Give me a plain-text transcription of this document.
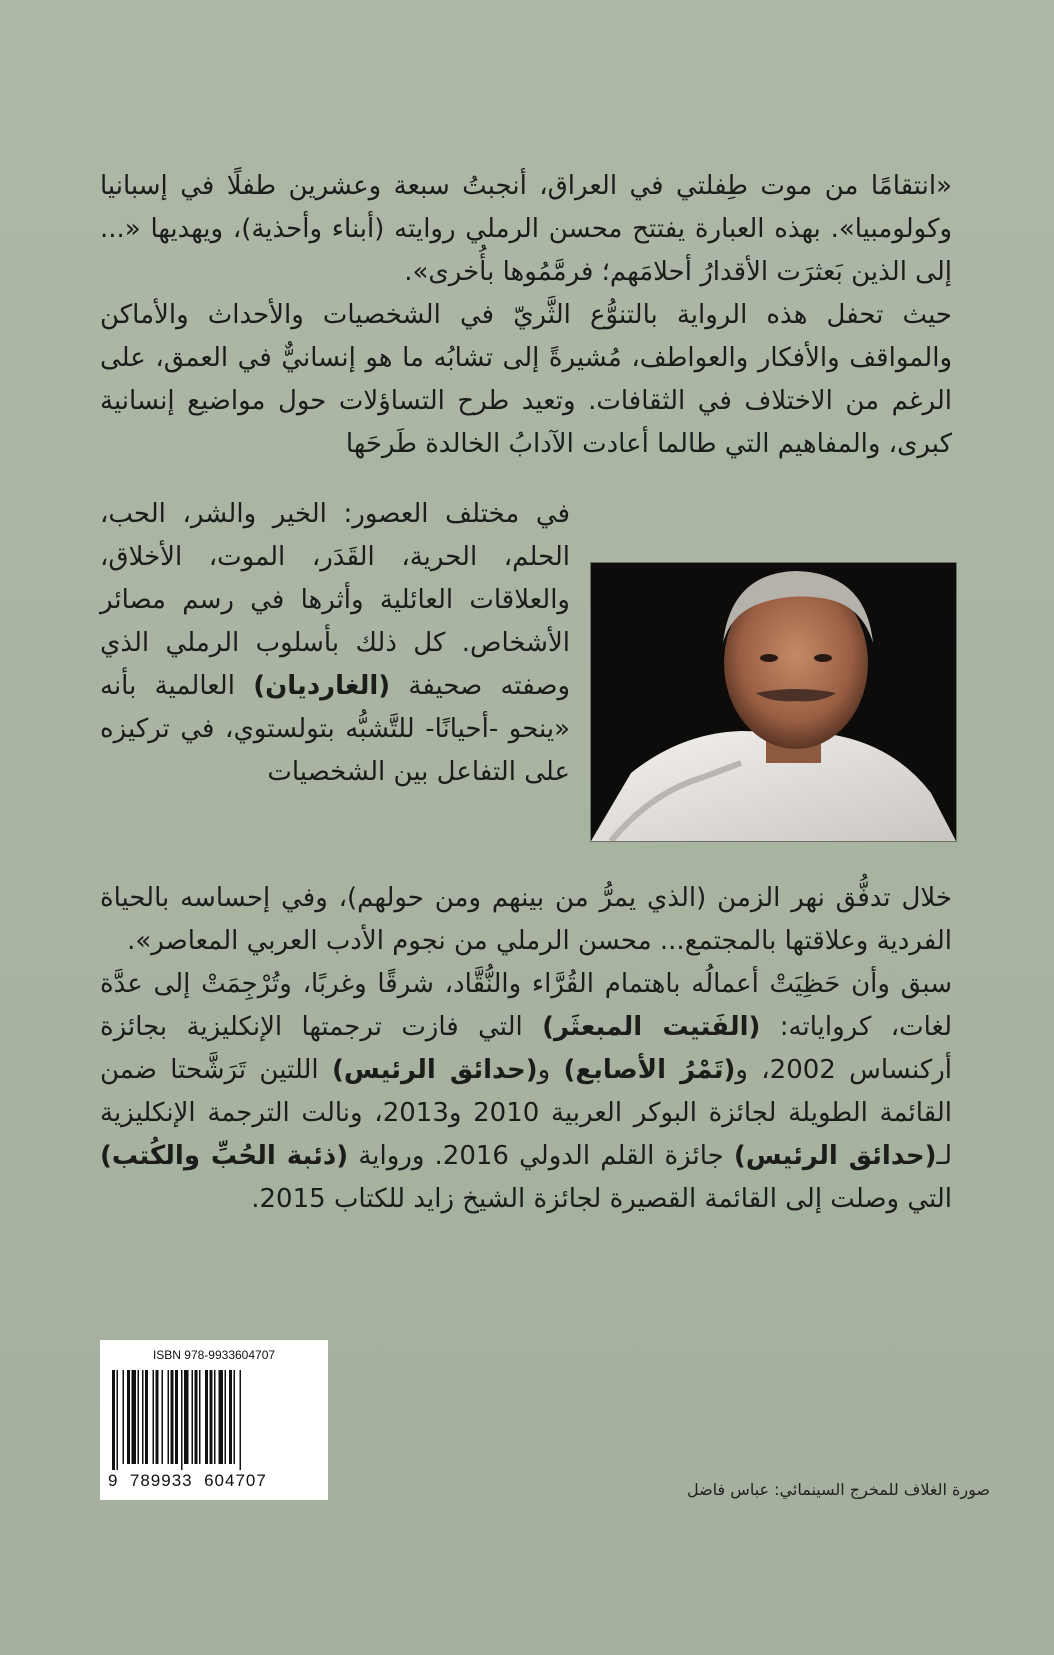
«انتقامًا من موت طِفلتي في العراق، أنجبتُ سبعة وعشرين طفلًا في إسبانيا وكولومبيا». بهذه العبارة يفتتح محسن الرملي روايته (أبناء وأحذية)، ويهديها «... إلى الذين بَعثرَت الأقدارُ أحلامَهم؛ فرمَّمُوها بأُخرى».

حيث تحفل هذه الرواية بالتنوُّع الثَّريّ في الشخصيات والأحداث والأماكن والمواقف والأفكار والعواطف، مُشيرةً إلى تشابُه ما هو إنسانيٌّ في العمق، على الرغم من الاختلاف في الثقافات. وتعيد طرح التساؤلات حول مواضيع إنسانية كبرى، والمفاهيم التي طالما أعادت الآدابُ الخالدة طَرحَها

في مختلف العصور: الخير والشر، الحب، الحلم، الحرية، القَدَر، الموت، الأخلاق، والعلاقات العائلية وأثرها في رسم مصائر الأشخاص. كل ذلك بأسلوب الرملي الذي وصفته صحيفة (الغارديان) العالمية بأنه «ينحو -أحيانًا- للتَّشبُّه بتولستوي، في تركيزه على التفاعل بين الشخصيات

خلال تدفُّق نهر الزمن (الذي يمرُّ من بينهم ومن حولهم)، وفي إحساسه بالحياة الفردية وعلاقتها بالمجتمع... محسن الرملي من نجوم الأدب العربي المعاصر».

سبق وأن حَظِيَتْ أعمالُه باهتمام القُرَّاء والنُّقَّاد، شرقًا وغربًا، وتُرْجِمَتْ إلى عدَّة لغات، كرواياته: (الفَتيت المبعثَر) التي فازت ترجمتها الإنكليزية بجائزة أركنساس 2002، و(تَمْرُ الأصابع) و(حدائق الرئيس) اللتين تَرَشَّحتا ضمن القائمة الطويلة لجائزة البوكر العربية 2010 و2013، ونالت الترجمة الإنكليزية لـ(حدائق الرئيس) جائزة القلم الدولي 2016. ورواية (ذئبة الحُبِّ والكُتب) التي وصلت إلى القائمة القصيرة لجائزة الشيخ زايد للكتاب 2015.

ISBN 978-9933604707
9  789933  604707	صورة الغلاف للمخرج السينمائي: عباس فاضل
